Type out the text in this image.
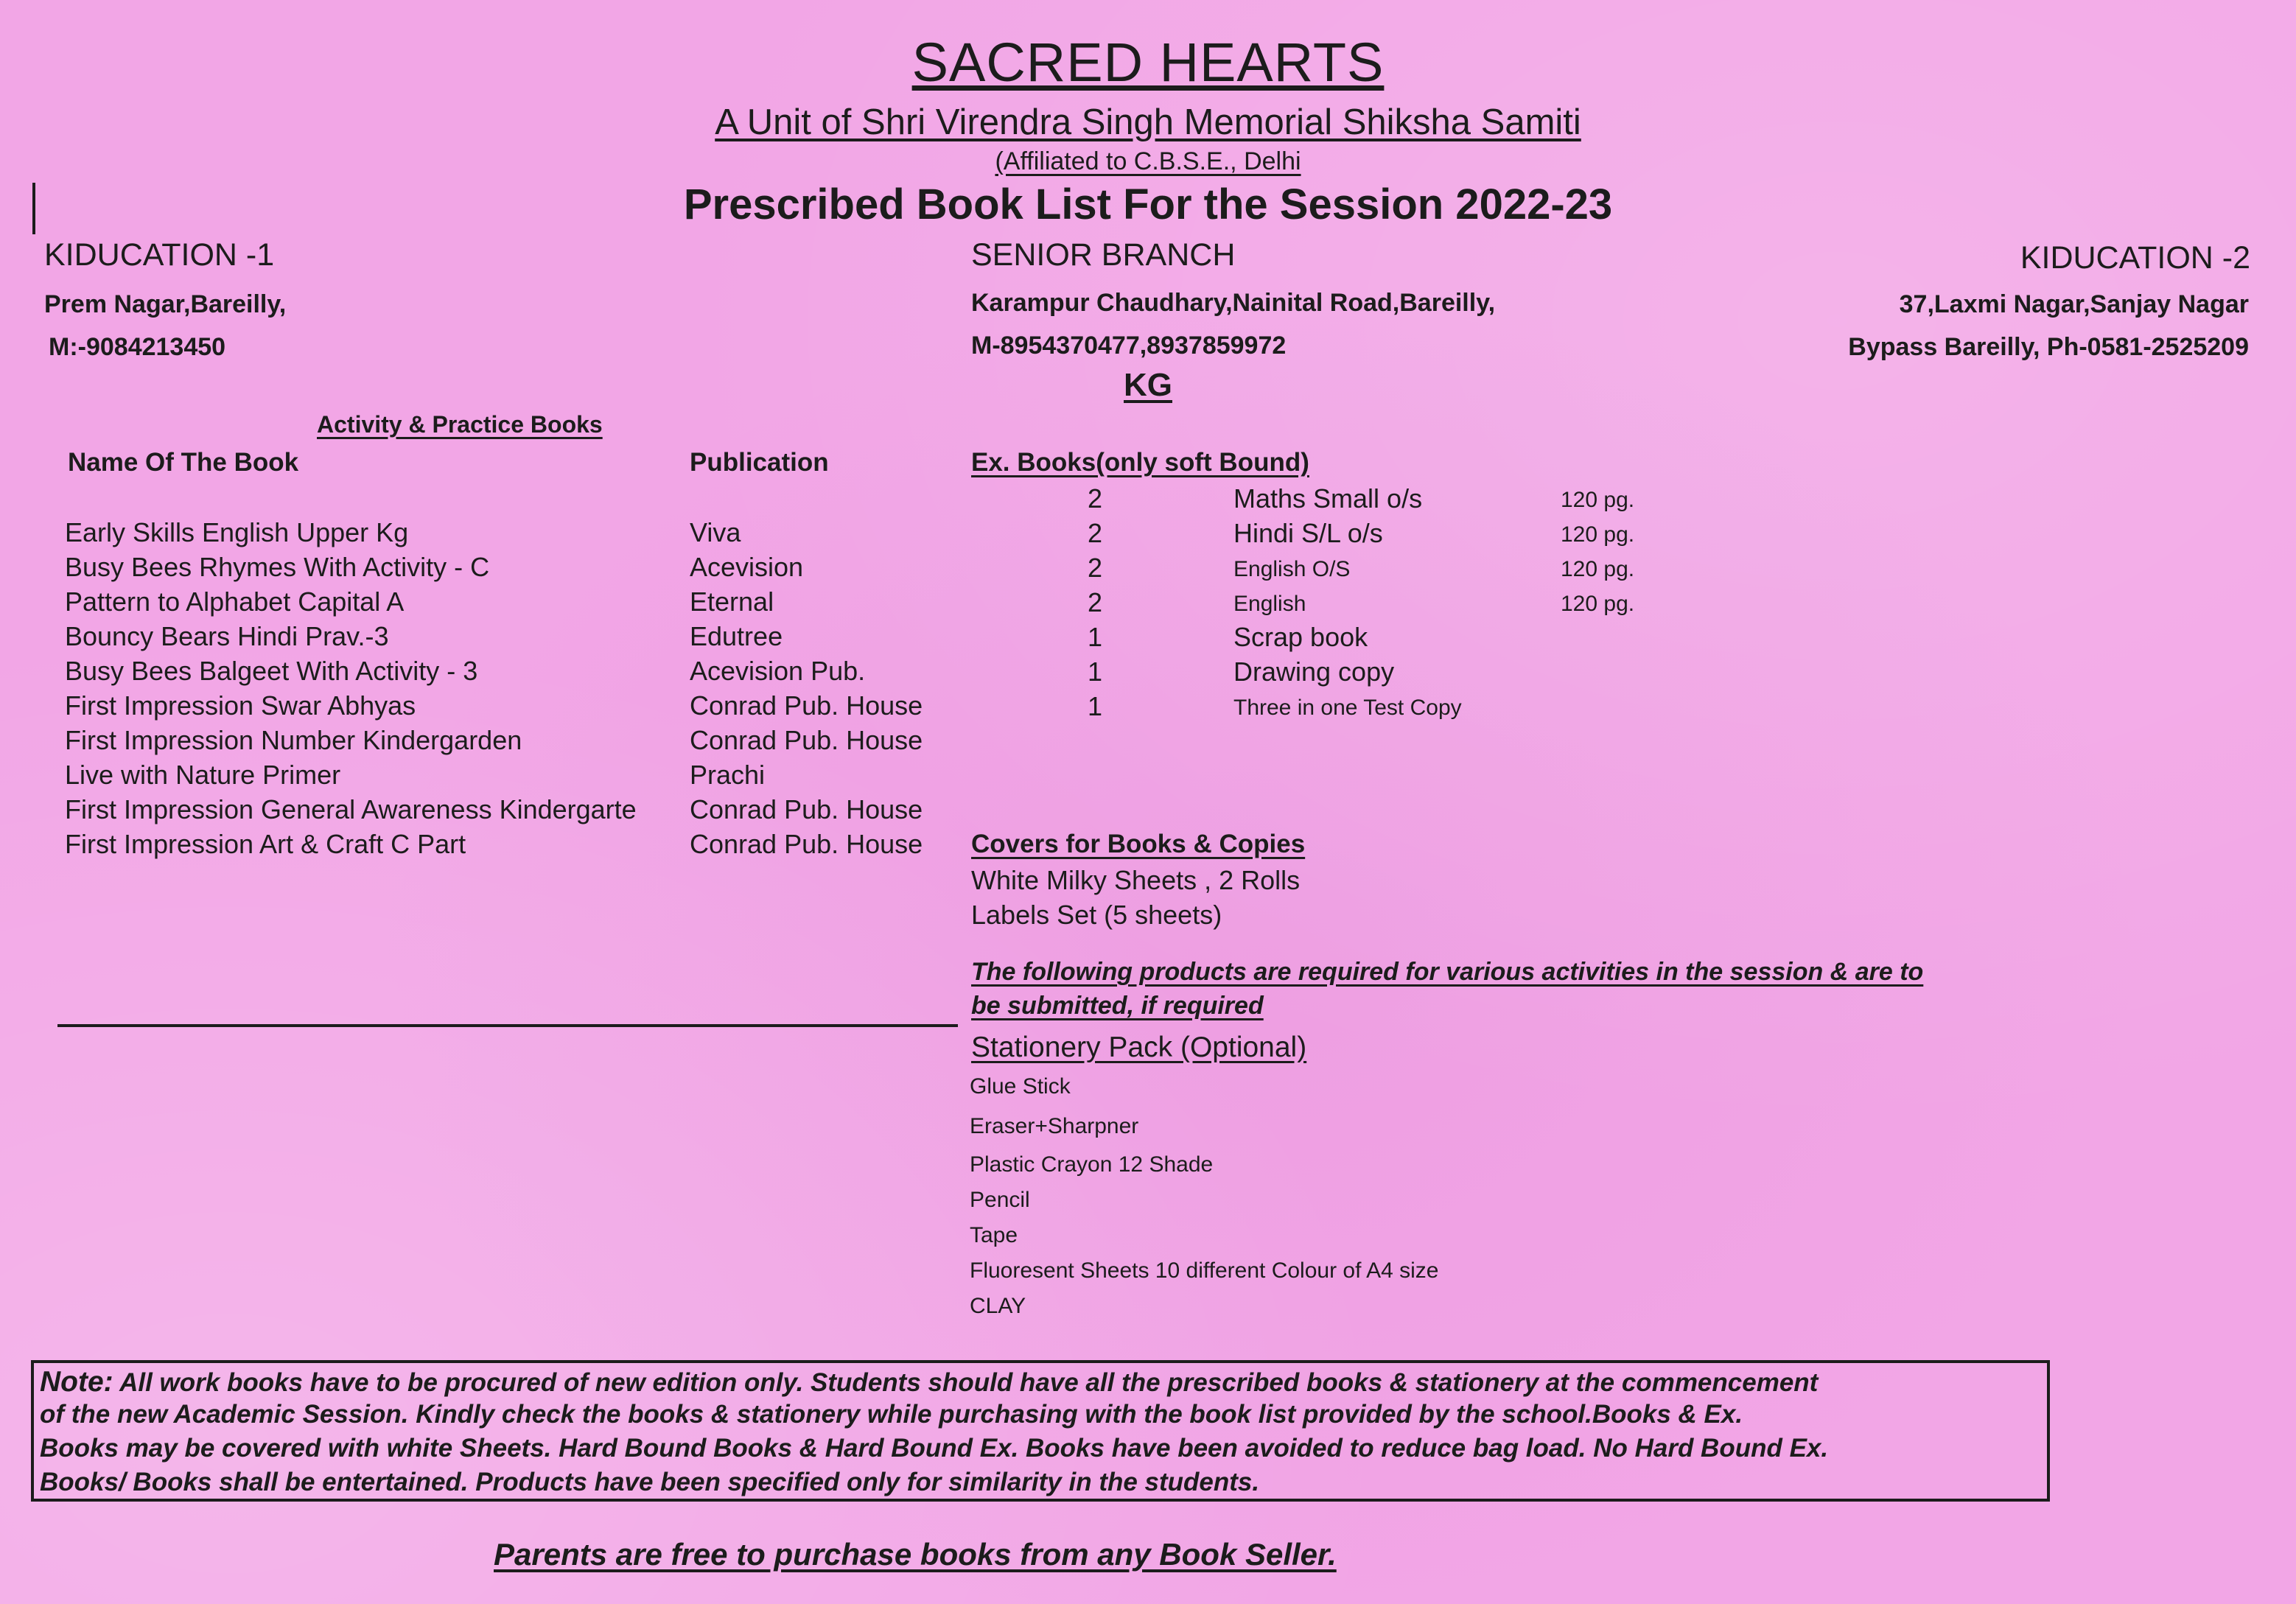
SACRED HEARTS
A Unit of Shri Virendra Singh Memorial Shiksha Samiti
(Affiliated to C.B.S.E., Delhi
Prescribed Book List For the Session 2022-23
KIDUCATION -1
Prem Nagar,Bareilly,
M:-9084213450
SENIOR BRANCH
Karampur Chaudhary,Nainital Road,Bareilly,
M-8954370477,8937859972
KIDUCATION -2
37,Laxmi Nagar,Sanjay Nagar
Bypass Bareilly, Ph-0581-2525209
KG
Activity & Practice Books
Name Of The Book	Publication
Early Skills English Upper Kg	Viva
Busy Bees Rhymes With Activity - C	Acevision
Pattern to Alphabet Capital A	Eternal
Bouncy Bears Hindi Prav.-3	Edutree
Busy Bees Balgeet With Activity - 3	Acevision Pub.
First Impression Swar Abhyas	Conrad Pub. House
First Impression Number Kindergarden	Conrad Pub. House
Live with Nature Primer	Prachi
First Impression General Awareness Kindergarte	Conrad Pub. House
First Impression Art & Craft C Part	Conrad Pub. House
Ex. Books(only soft Bound)
2	Maths Small o/s	120 pg.
2	Hindi S/L o/s	120 pg.
2	English O/S	120 pg.
2	English	120 pg.
1	Scrap book
1	Drawing copy
1	Three in one Test Copy
Covers for Books & Copies
White Milky Sheets , 2 Rolls
Labels Set (5 sheets)
The following products are required for various activities in the session & are to
be submitted, if required
Stationery Pack (Optional)
Glue Stick
Eraser+Sharpner
Plastic Crayon 12 Shade
Pencil
Tape
Fluoresent Sheets 10 different Colour of A4 size
CLAY
Note: All work books have to be procured of new edition only. Students should have all the prescribed books & stationery at the commencement
of the new Academic Session. Kindly check the books & stationery while purchasing with the book list provided by the school.Books & Ex.
Books may be covered with white Sheets. Hard Bound Books & Hard Bound Ex. Books have been avoided to reduce bag load. No Hard Bound Ex.
Books/ Books shall be entertained. Products have been specified only for similarity in the students.
Parents are free to purchase books from any Book Seller.
